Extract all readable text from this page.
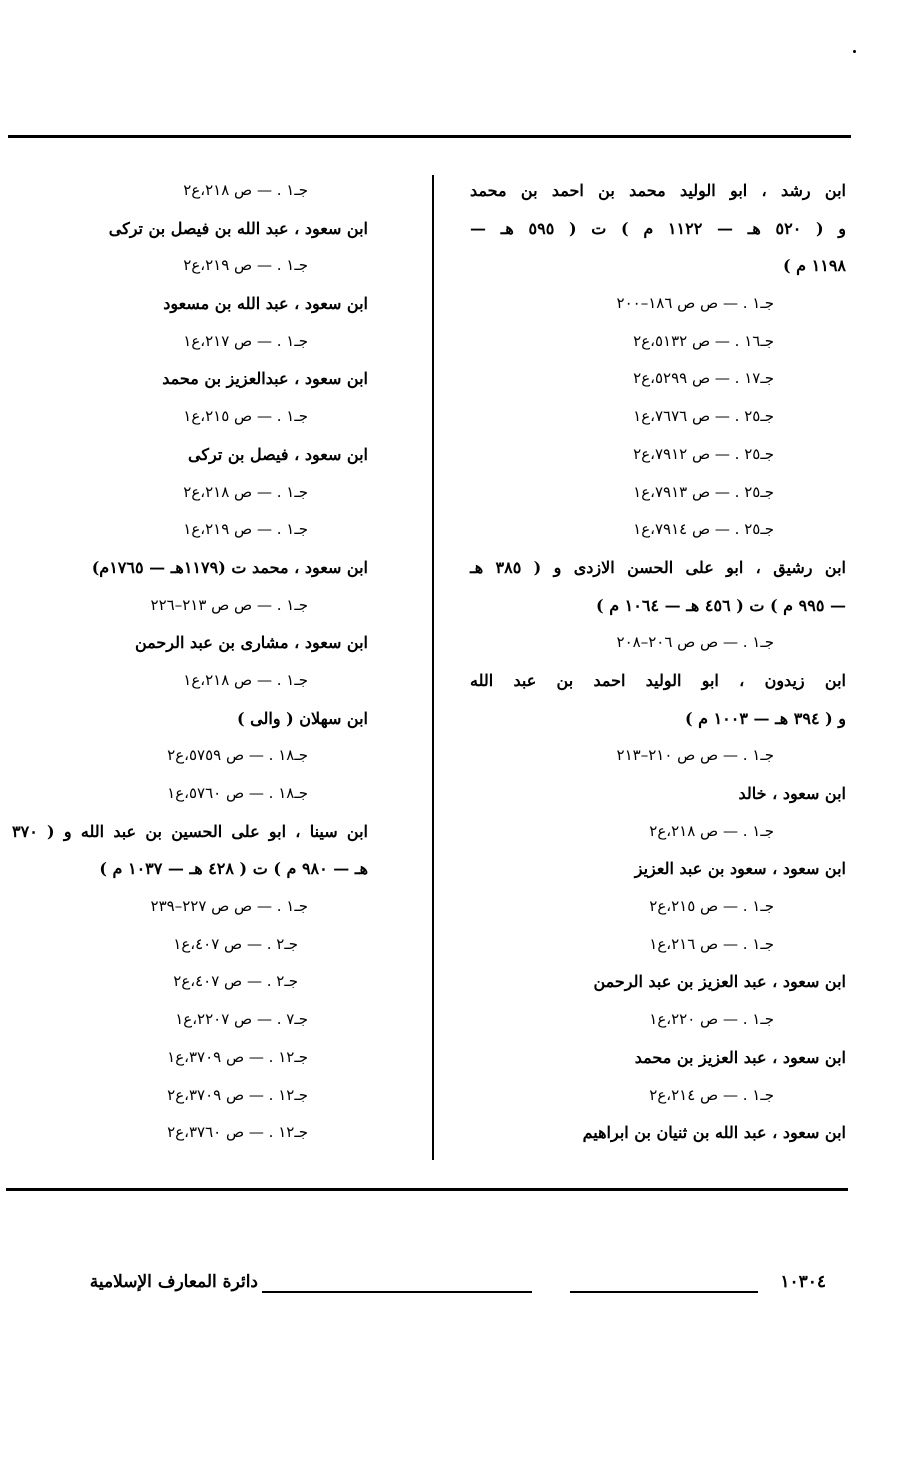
ابن رشد ، ابو الوليد محمد بن احمد بن محمد
و ( ٥٢٠ هـ — ١١٢٢ م ) ت ( ٥٩٥ هـ —
١١٩٨ م )
جـ١ . — ص ص ١٨٦–٢٠٠
جـ١٦ . — ص ٥١٣٢،ع٢
جـ١٧ . — ص ٥٢٩٩،ع٢
جـ٢٥ . — ص ٧٦٧٦،ع١
جـ٢٥ . — ص ٧٩١٢،ع٢
جـ٢٥ . — ص ٧٩١٣،ع١
جـ٢٥ . — ص ٧٩١٤،ع١
ابن رشيق ، ابو على الحسن الازدى و ( ٣٨٥ هـ
— ٩٩٥ م ) ت ( ٤٥٦ هـ — ١٠٦٤ م )
جـ١ . — ص ص ٢٠٦–٢٠٨
ابن زيدون ، ابو الوليد احمد بن عبد الله
و ( ٣٩٤ هـ — ١٠٠٣ م )
جـ١ . — ص ص ٢١٠–٢١٣
ابن سعود ، خالد
جـ١ . — ص ٢١٨،ع٢
ابن سعود ، سعود بن عبد العزيز
جـ١ . — ص ٢١٥،ع٢
جـ١ . — ص ٢١٦،ع١
ابن سعود ، عبد العزيز بن عبد الرحمن
جـ١ . — ص ٢٢٠،ع١
ابن سعود ، عبد العزيز بن محمد
جـ١ . — ص ٢١٤،ع٢
ابن سعود ، عبد الله بن ثنيان بن ابراهيم
جـ١ . — ص ٢١٨،ع٢
ابن سعود ، عبد الله بن فيصل بن تركى
جـ١ . — ص ٢١٩،ع٢
ابن سعود ، عبد الله بن مسعود
جـ١ . — ص ٢١٧،ع١
ابن سعود ، عبدالعزيز بن محمد
جـ١ . — ص ٢١٥،ع١
ابن سعود ، فيصل بن تركى
جـ١ . — ص ٢١٨،ع٢
جـ١ . — ص ٢١٩،ع١
ابن سعود ، محمد ت (١١٧٩هـ — ١٧٦٥م)
جـ١ . — ص ص ٢١٣–٢٢٦
ابن سعود ، مشارى بن عبد الرحمن
جـ١ . — ص ٢١٨،ع١
ابن سهلان ( والى )
جـ١٨ . — ص ٥٧٥٩،ع٢
جـ١٨ . — ص ٥٧٦٠،ع١
ابن سينا ، ابو على الحسين بن عبد الله و ( ٣٧٠
هـ — ٩٨٠ م ) ت ( ٤٢٨ هـ — ١٠٣٧ م )
جـ١ . — ص ص ٢٢٧–٢٣٩
جـ٢ . — ص ٤٠٧،ع١
جـ٢ . — ص ٤٠٧،ع٢
جـ٧ . — ص ٢٢٠٧،ع١
جـ١٢ . — ص ٣٧٠٩،ع١
جـ١٢ . — ص ٣٧٠٩،ع٢
جـ١٢ . — ص ٣٧٦٠،ع٢
١٠٣٠٤
دائرة المعارف الإسلامية
